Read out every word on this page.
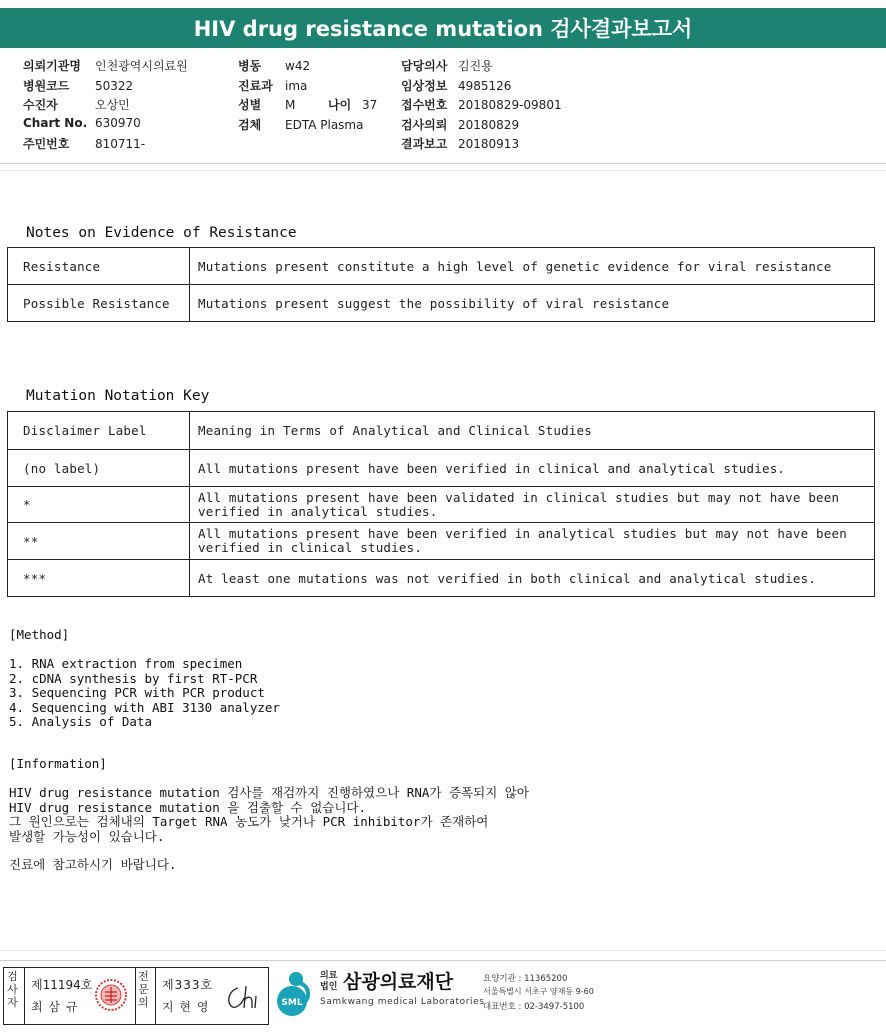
HIV drug resistance mutation 검사결과보고서
의뢰기관명 인천광역시의료원
병원코드 50322
수진자	오상민
Chart No. 630970
주민번호 810711-
병동 w42
진료과 ima
성별 M	나이 37
검체 EDTA Plasma
담당의사 김진용
임상정보 4985126
접수번호 20180829-09801
검사의뢰 20180829
결과보고 20180913
Notes on Evidence of Resistance
Resistance	Mutations present constitute a high level of genetic evidence for viral resistance
Possible Resistance	Mutations present suggest the possibility of viral resistance
Mutation Notation Key
Disclaimer Label	Meaning in Terms of Analytical and Clinical Studies
(no label)	All mutations present have been verified in clinical and analytical studies.
*	All mutations present have been validated in clinical studies but may not have been verified in analytical studies.
**	All mutations present have been verified in analytical studies but may not have been verified in clinical studies.
***	At least one mutations was not verified in both clinical and analytical studies.
[Method]
1. RNA extraction from specimen
2. cDNA synthesis by first RT-PCR
3. Sequencing PCR with PCR product
4. Sequencing with ABI 3130 analyzer
5. Analysis of Data
[Information]
HIV drug resistance mutation 검사를 재검까지 진행하였으나 RNA가 증폭되지 않아
HIV drug resistance mutation 을 검출할 수 없습니다.
그 원인으로는 검체내의 Target RNA 농도가 낮거나 PCR inhibitor가 존재하여
발생할 가능성이 있습니다.
진료에 참고하시기 바랍니다.
검사자
제11194호
최 삼 규
전문의
제333호
지 현 영	SML
의료법인 삼광의료재단
Samkwang medical Laboratories
요양기관 : 11365200
서울특별시 서초구 양재동 9-60
대표번호 : 02-3497-5100
